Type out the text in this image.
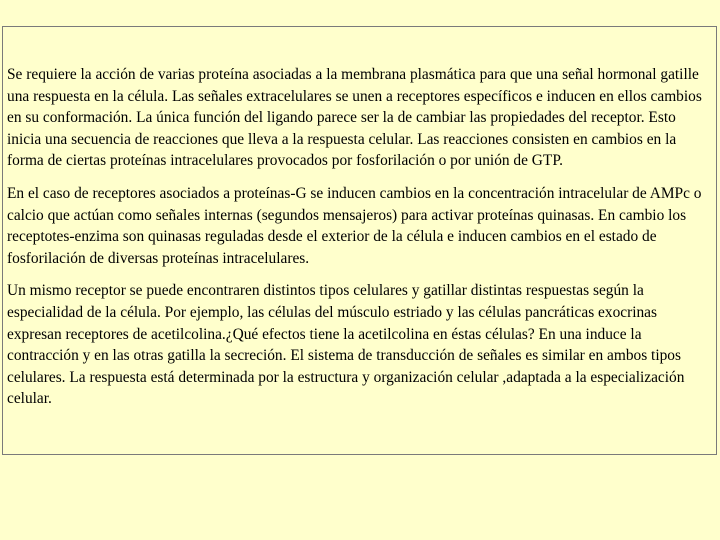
Se requiere la acción de varias proteína asociadas a la membrana plasmática para que una señal hormonal gatille una respuesta en la célula. Las señales extracelulares se unen a receptores específicos e inducen en ellos cambios en su conformación. La única función del ligando parece ser la de cambiar las propiedades del receptor. Esto inicia una secuencia de reacciones que lleva a la respuesta celular. Las reacciones consisten en cambios en la forma de ciertas proteínas intracelulares provocados por fosforilación o por unión de GTP.

En el caso de receptores asociados a proteínas-G se inducen cambios en la concentración intracelular de AMPc o calcio que actúan como señales internas (segundos mensajeros) para activar proteínas quinasas. En cambio los receptotes-enzima son quinasas reguladas desde el exterior de la célula e inducen cambios en el estado de fosforilación de diversas proteínas intracelulares.

Un mismo receptor se puede encontraren distintos tipos celulares y gatillar distintas respuestas según la especialidad de la célula. Por ejemplo, las células del músculo estriado y las células pancráticas exocrinas expresan receptores de acetilcolina.¿Qué efectos tiene la acetilcolina en éstas células? En una induce la contracción y en las otras gatilla la secreción. El sistema de transducción de señales es similar en ambos tipos celulares. La respuesta está determinada por la estructura y organización celular ,adaptada a la especialización celular.
